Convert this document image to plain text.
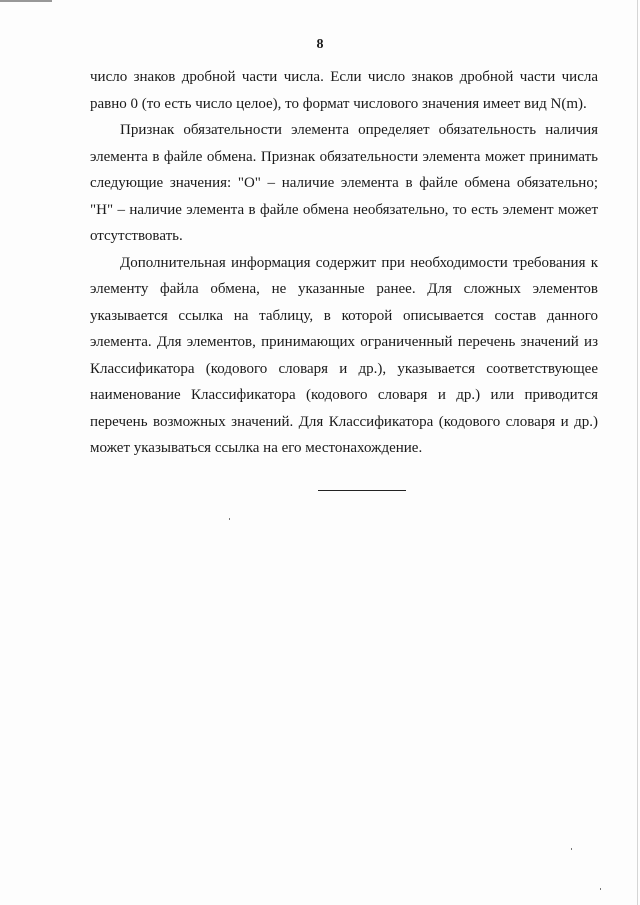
8

число знаков дробной части числа. Если число знаков дробной части числа равно 0 (то есть число целое), то формат числового значения имеет вид N(m).

Признак обязательности элемента определяет обязательность наличия элемента в файле обмена. Признак обязательности элемента может принимать следующие значения: "О" – наличие элемента в файле обмена обязательно; "Н" – наличие элемента в файле обмена необязательно, то есть элемент может отсутствовать.

Дополнительная информация содержит при необходимости требования к элементу файла обмена, не указанные ранее. Для сложных элементов указывается ссылка на таблицу, в которой описывается состав данного элемента. Для элементов, принимающих ограниченный перечень значений из Классификатора (кодового словаря и др.), указывается соответствующее наименование Классификатора (кодового словаря и др.) или приводится перечень возможных значений. Для Классификатора (кодового словаря и др.) может указываться ссылка на его местонахождение.
